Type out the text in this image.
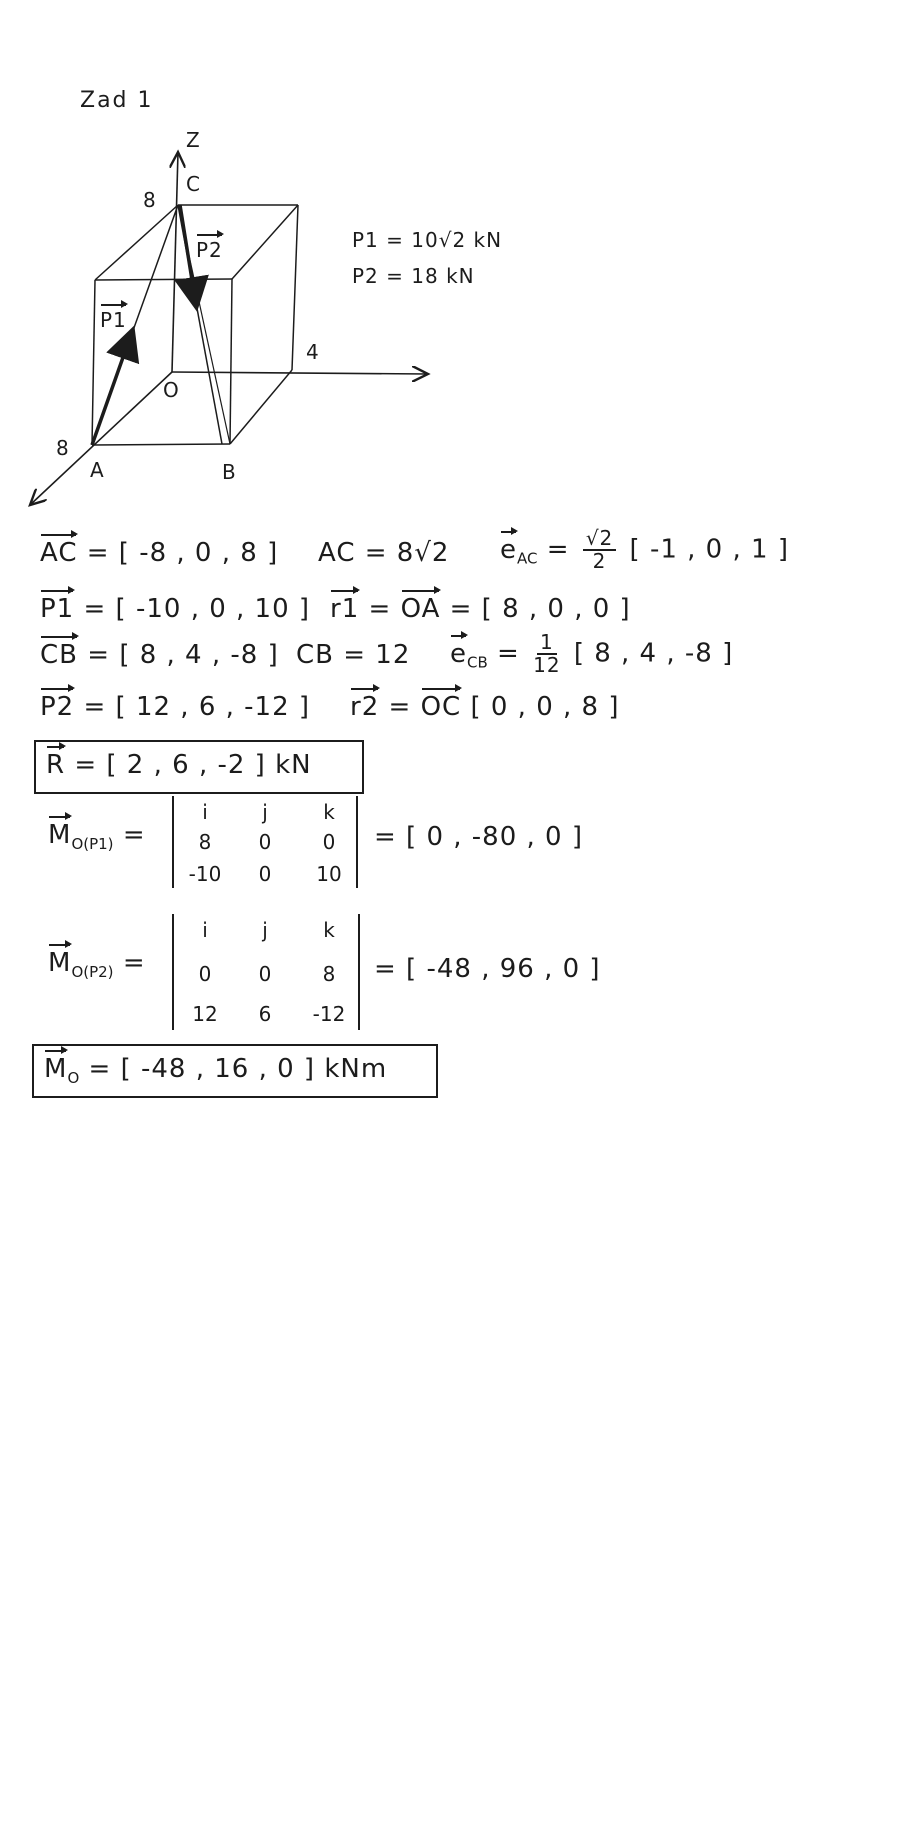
Zad 1
Z
C
8
O
A	B
8
4
P1
P2	P1 = 10√2 kN
P2 = 18 kN
AC = [ -8 , 0 , 8 ] AC = 8√2 $e_{AC} = \frac{√2}{2}$ [ -1 , 0 , 1 ]
P1 = [ -10 , 0 , 10 ] r1 = OA = [ 8 , 0 , 0 ]
CB = [ 8 , 4 , -8 ] CB = 12 $e_{CB} = \frac{1}{12}$ [ 8 , 4 , -8 ]
P2 = [ 12 , 6 , -12 ] r2 = OC [ 0 , 0 , 8 ]
R = [ 2 , 6 , -2 ] kN
$M_{O(P1)}$ =
i	j	k
8	0	0
-10	0	10
= [ 0 , -80 , 0 ]
$M_{O(P2)}$ =
i	j	k
0	0	8
12	6	-12
= [ -48 , 96 , 0 ]
$M_O$ = [ -48 , 16 , 0 ] kNm
